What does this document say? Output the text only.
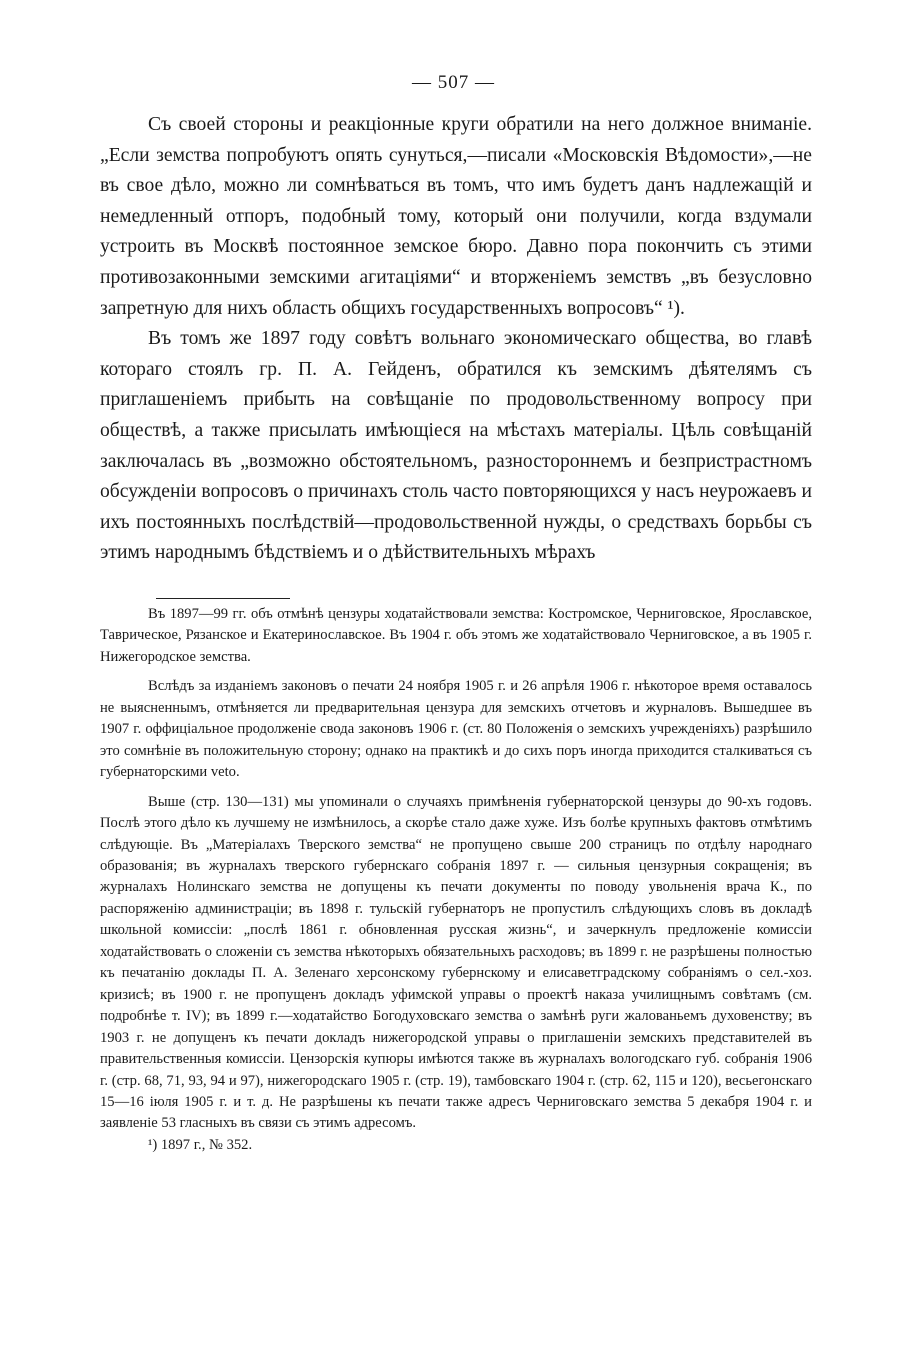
— 507 —

Съ своей стороны и реакціонные круги обратили на него должное вниманіе. „Если земства попробуютъ опять сунуться,—писали «Московскія Вѣдомости»,—не въ свое дѣло, можно ли сомнѣваться въ томъ, что имъ будетъ данъ надлежащій и немедленный отпоръ, подобный тому, который они получили, когда вздумали устроить въ Москвѣ постоянное земское бюро. Давно пора покончить съ этими противозаконными земскими агитаціями“ и вторженіемъ земствъ „въ безусловно запретную для нихъ область общихъ государственныхъ вопросовъ“ ¹).

Въ томъ же 1897 году совѣтъ вольнаго экономическаго общества, во главѣ котораго стоялъ гр. П. А. Гейденъ, обратился къ земскимъ дѣятелямъ съ приглашеніемъ прибыть на совѣщаніе по продовольственному вопросу при обществѣ, а также присылать имѣющіеся на мѣстахъ матеріалы. Цѣль совѣщаній заключалась въ „возможно обстоятельномъ, разностороннемъ и безпристрастномъ обсужденіи вопросовъ о причинахъ столь часто повторяющихся у насъ неурожаевъ и ихъ постоянныхъ послѣдствій—продовольственной нужды, о средствахъ борьбы съ этимъ народнымъ бѣдствіемъ и о дѣйствительныхъ мѣрахъ

Въ 1897—99 гг. объ отмѣнѣ цензуры ходатайствовали земства: Костромское, Черниговское, Ярославское, Таврическое, Рязанское и Екатеринославское. Въ 1904 г. объ этомъ же ходатайствовало Черниговское, а въ 1905 г. Нижегородское земства.

Вслѣдъ за изданіемъ законовъ о печати 24 ноября 1905 г. и 26 апрѣля 1906 г. нѣкоторое время оставалось не выясненнымъ, отмѣняется ли предварительная цензура для земскихъ отчетовъ и журналовъ. Вышедшее въ 1907 г. оффиціальное продолженіе свода законовъ 1906 г. (ст. 80 Положенія о земскихъ учрежденіяхъ) разрѣшило это сомнѣніе въ положительную сторону; однако на практикѣ и до сихъ поръ иногда приходится сталкиваться съ губернаторскими veto.

Выше (стр. 130—131) мы упоминали о случаяхъ примѣненія губернаторской цензуры до 90-хъ годовъ. Послѣ этого дѣло къ лучшему не измѣнилось, а скорѣе стало даже хуже. Изъ болѣе крупныхъ фактовъ отмѣтимъ слѣдующіе. Въ „Матеріалахъ Тверского земства“ не пропущено свыше 200 страницъ по отдѣлу народнаго образованія; въ журналахъ тверского губернскаго собранія 1897 г. — сильныя цензурныя сокращенія; въ журналахъ Нолинскаго земства не допущены къ печати документы по поводу увольненія врача К., по распоряженію администраціи; въ 1898 г. тульскій губернаторъ не пропустилъ слѣдующихъ словъ въ докладѣ школьной комиссіи: „послѣ 1861 г. обновленная русская жизнь“, и зачеркнулъ предложеніе комиссіи ходатайствовать о сложеніи съ земства нѣкоторыхъ обязательныхъ расходовъ; въ 1899 г. не разрѣшены полностью къ печатанію доклады П. А. Зеленаго херсонскому губернскому и елисаветградскому собраніямъ о сел.-хоз. кризисѣ; въ 1900 г. не пропущенъ докладъ уфимской управы о проектѣ наказа училищнымъ совѣтамъ (см. подробнѣе т. IV); въ 1899 г.—ходатайство Богодуховскаго земства о замѣнѣ руги жалованьемъ духовенству; въ 1903 г. не допущенъ къ печати докладъ нижегородской управы о приглашеніи земскихъ представителей въ правительственныя комиссіи. Цензорскія купюры имѣются также въ журналахъ вологодскаго губ. собранія 1906 г. (стр. 68, 71, 93, 94 и 97), нижегородскаго 1905 г. (стр. 19), тамбовскаго 1904 г. (стр. 62, 115 и 120), весьегонскаго 15—16 іюля 1905 г. и т. д. Не разрѣшены къ печати также адресъ Черниговскаго земства 5 декабря 1904 г. и заявленіе 53 гласныхъ въ связи съ этимъ адресомъ.

¹) 1897 г., № 352.
